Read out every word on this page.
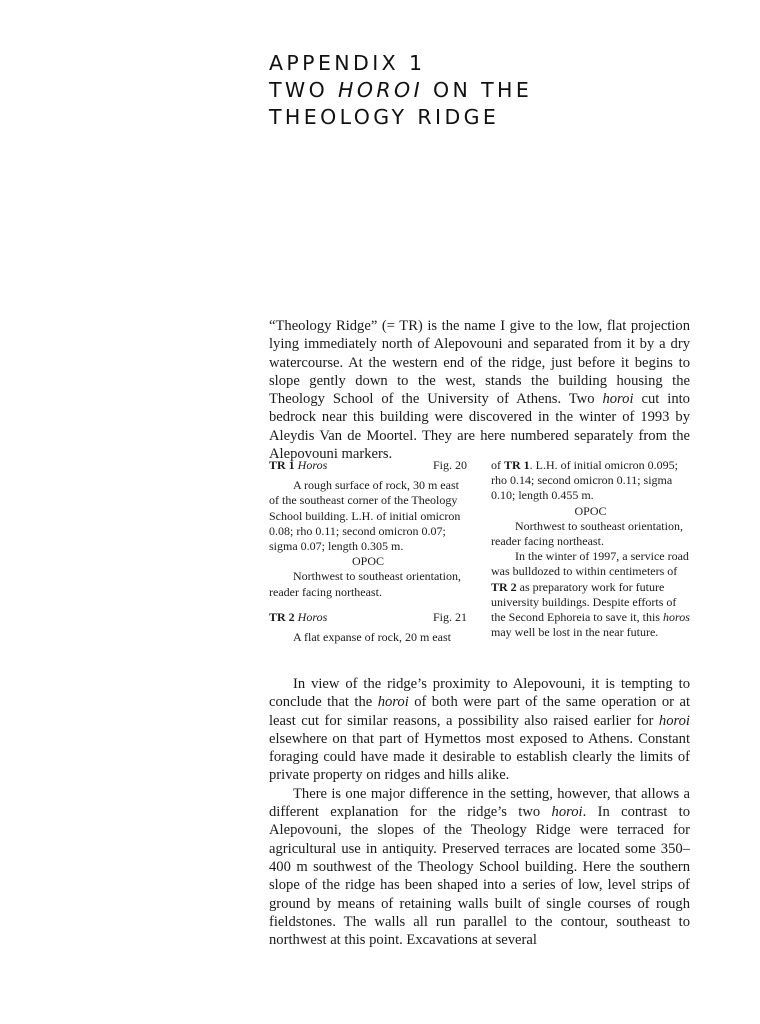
APPENDIX 1
TWO HOROI ON THE
THEOLOGY RIDGE

“Theology Ridge” (= TR) is the name I give to the low, flat projection lying immediately north of Alepovouni and separated from it by a dry watercourse. At the western end of the ridge, just before it begins to slope gently down to the west, stands the building housing the Theology School of the University of Athens. Two horoi cut into bedrock near this building were discovered in the winter of 1993 by Aleydis Van de Moortel. They are here numbered separately from the Alepovouni markers.

TR 1 Horos	Fig. 20

A rough surface of rock, 30 m east of the southeast corner of the Theology School building. L.H. of initial omicron 0.08; rho 0.11; second omicron 0.07; sigma 0.07; length 0.305 m.

OPOC

Northwest to southeast orientation, reader facing northeast.

TR 2 Horos	Fig. 21

A flat expanse of rock, 20 m east

of TR 1. L.H. of initial omicron 0.095; rho 0.14; second omicron 0.11; sigma 0.10; length 0.455 m.

OPOC

Northwest to southeast orientation, reader facing northeast.

In the winter of 1997, a service road was bulldozed to within centimeters of TR 2 as preparatory work for future university buildings. Despite efforts of the Second Ephoreia to save it, this horos may well be lost in the near future.

In view of the ridge’s proximity to Alepovouni, it is tempting to conclude that the horoi of both were part of the same operation or at least cut for similar reasons, a possibility also raised earlier for horoi elsewhere on that part of Hymettos most exposed to Athens. Constant foraging could have made it desirable to establish clearly the limits of private property on ridges and hills alike.

There is one major difference in the setting, however, that allows a different explanation for the ridge’s two horoi. In contrast to Alepovouni, the slopes of the Theology Ridge were terraced for agricultural use in antiquity. Preserved terraces are located some 350–400 m southwest of the Theology School building. Here the southern slope of the ridge has been shaped into a series of low, level strips of ground by means of retaining walls built of single courses of rough fieldstones. The walls all run parallel to the contour, southeast to northwest at this point. Excavations at several
